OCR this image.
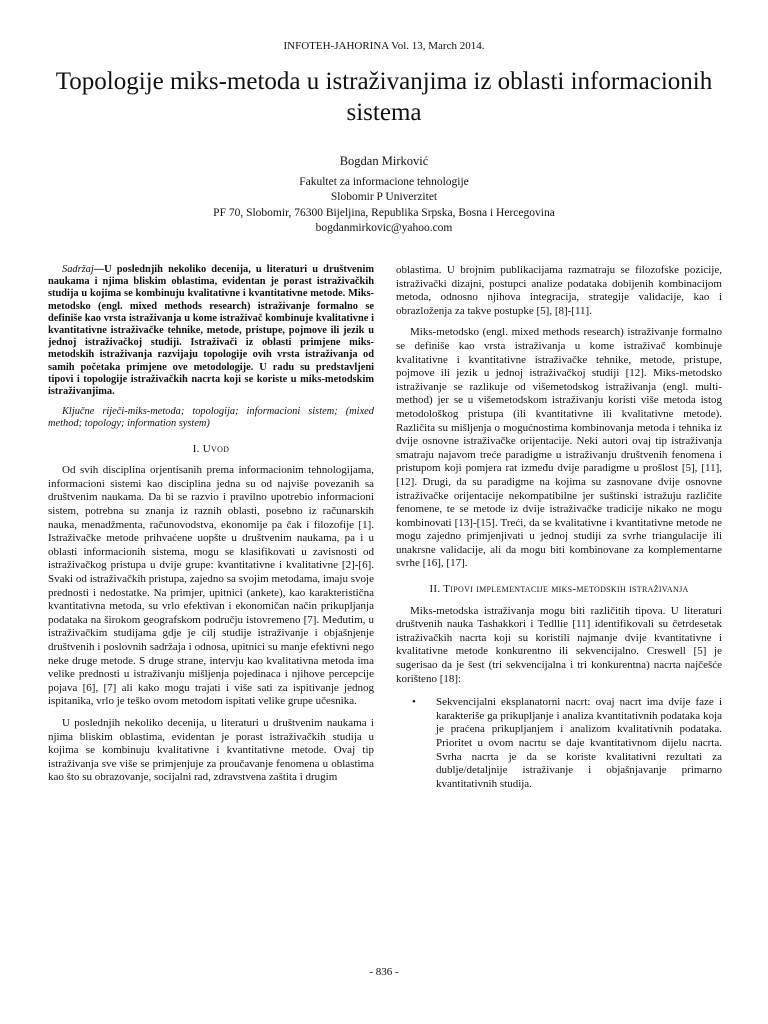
INFOTEH-JAHORINA Vol. 13, March 2014.
Topologije miks-metoda u istraživanjima iz oblasti informacionih sistema
Bogdan Mirković
Fakultet za informacione tehnologije
Slobomir P Univerzitet
PF 70, Slobomir, 76300 Bijeljina, Republika Srpska, Bosna i Hercegovina
bogdanmirkovic@yahoo.com

Sadržaj—U poslednjih nekoliko decenija, u literaturi u društvenim naukama i njima bliskim oblastima, evidentan je porast istraživačkih studija u kojima se kombinuju kvalitativne i kvantitativne metode. Miks-metodsko (engl. mixed methods research) istraživanje formalno se definiše kao vrsta istraživanja u kome istraživač kombinuje kvalitativne i kvantitativne istraživačke tehnike, metode, pristupe, pojmove ili jezik u jednoj istraživačkoj studiji. Istraživači iz oblasti primjene miks-metodskih istraživanja razvijaju topologije ovih vrsta istraživanja od samih početaka primjene ove metodologije. U radu su predstavljeni tipovi i topologije istraživačkih nacrta koji se koriste u miks-metodskim istraživanjima.

Ključne riječi-miks-metoda; topologija; informacioni sistem; (mixed method; topology; information system)

I. Uvod

Od svih disciplina orjentisanih prema informacionim tehnologijama, informacioni sistemi kao disciplina jedna su od najviše povezanih sa društvenim naukama. Da bi se razvio i pravilno upotrebio informacioni sistem, potrebna su znanja iz raznih oblasti, posebno iz računarskih nauka, menadžmenta, računovodstva, ekonomije pa čak i filozofije [1]. Istraživačke metode prihvaćene uopšte u društvenim naukama, pa i u oblasti informacionih sistema, mogu se klasifikovati u zavisnosti od istraživačkog pristupa u dvije grupe: kvantitativne i kvalitativne [2]-[6]. Svaki od istraživačkih pristupa, zajedno sa svojim metodama, imaju svoje prednosti i nedostatke. Na primjer, upitnici (ankete), kao karakteristična kvantitativna metoda, su vrlo efektivan i ekonomičan način prikupljanja podataka na širokom geografskom području istovremeno [7]. Međutim, u istraživačkim studijama gdje je cilj studije istraživanje i objašnjenje društvenih i poslovnih sadržaja i odnosa, upitnici su manje efektivni nego neke druge metode. S druge strane, intervju kao kvalitativna metoda ima velike prednosti u istraživanju mišljenja pojedinaca i njihove percepcije pojava [6], [7] ali kako mogu trajati i više sati za ispitivanje jednog ispitanika, vrlo je teško ovom metodom ispitati velike grupe učesnika.

U poslednjih nekoliko decenija, u literaturi u društvenim naukama i njima bliskim oblastima, evidentan je porast istraživačkih studija u kojima se kombinuju kvalitativne i kvantitativne metode. Ovaj tip istraživanja sve više se primjenjuje za proučavanje fenomena u oblastima kao što su obrazovanje, socijalni rad, zdravstvena zaštita i drugim

oblastima. U brojnim publikacijama razmatraju se filozofske pozicije, istraživački dizajni, postupci analize podataka dobijenih kombinacijom metoda, odnosno njihova integracija, strategije validacije, kao i obrazloženja za takve postupke [5], [8]-[11].

Miks-metodsko (engl. mixed methods research) istraživanje formalno se definiše kao vrsta istraživanja u kome istraživač kombinuje kvalitativne i kvantitativne istraživačke tehnike, metode, pristupe, pojmove ili jezik u jednoj istraživačkoj studiji [12]. Miks-metodsko istraživanje se razlikuje od višemetodskog istraživanja (engl. multi-method) jer se u višemetodskom istraživanju koristi više metoda istog metodološkog pristupa (ili kvantitativne ili kvalitativne metode). Različita su mišljenja o mogućnostima kombinovanja metoda i tehnika iz dvije osnovne istraživačke orijentacije. Neki autori ovaj tip istraživanja smatraju najavom treće paradigme u istraživanju društvenih fenomena i pristupom koji pomjera rat između dvije paradigme u prošlost [5], [11], [12]. Drugi, da su paradigme na kojima su zasnovane dvije osnovne istraživačke orijentacije nekompatibilne jer suštinski istražuju različite fenomene, te se metode iz dvije istraživačke tradicije nikako ne mogu kombinovati [13]-[15]. Treći, da se kvalitativne i kvantitativne metode ne mogu zajedno primjenjivati u jednoj studiji za svrhe triangulacije ili unakrsne validacije, ali da mogu biti kombinovane za komplementarne svrhe [16], [17].

II. Tipovi implementacije miks-metodskih istraživanja

Miks-metodska istraživanja mogu biti različitih tipova. U literaturi društvenih nauka Tashakkori i Tedllie [11] identifikovali su četrdesetak istraživačkih nacrta koji su koristili najmanje dvije kvantitativne i kvalitativne metode konkurentno ili sekvencijalno. Creswell [5] je sugerisao da je šest (tri sekvencijalna i tri konkurentna) nacrta najčešće korišteno [18]:

• Sekvencijalni eksplanatorni nacrt: ovaj nacrt ima dvije faze i karakteriše ga prikupljanje i analiza kvantitativnih podataka koja je praćena prikupljanjem i analizom kvalitativnih podataka. Prioritet u ovom nacrtu se daje kvantitativnom dijelu nacrta. Svrha nacrta je da se koriste kvalitativni rezultati za dublje/detaljnije istraživanje i objašnjavanje primarno kvantitativnih studija.
- 836 -
